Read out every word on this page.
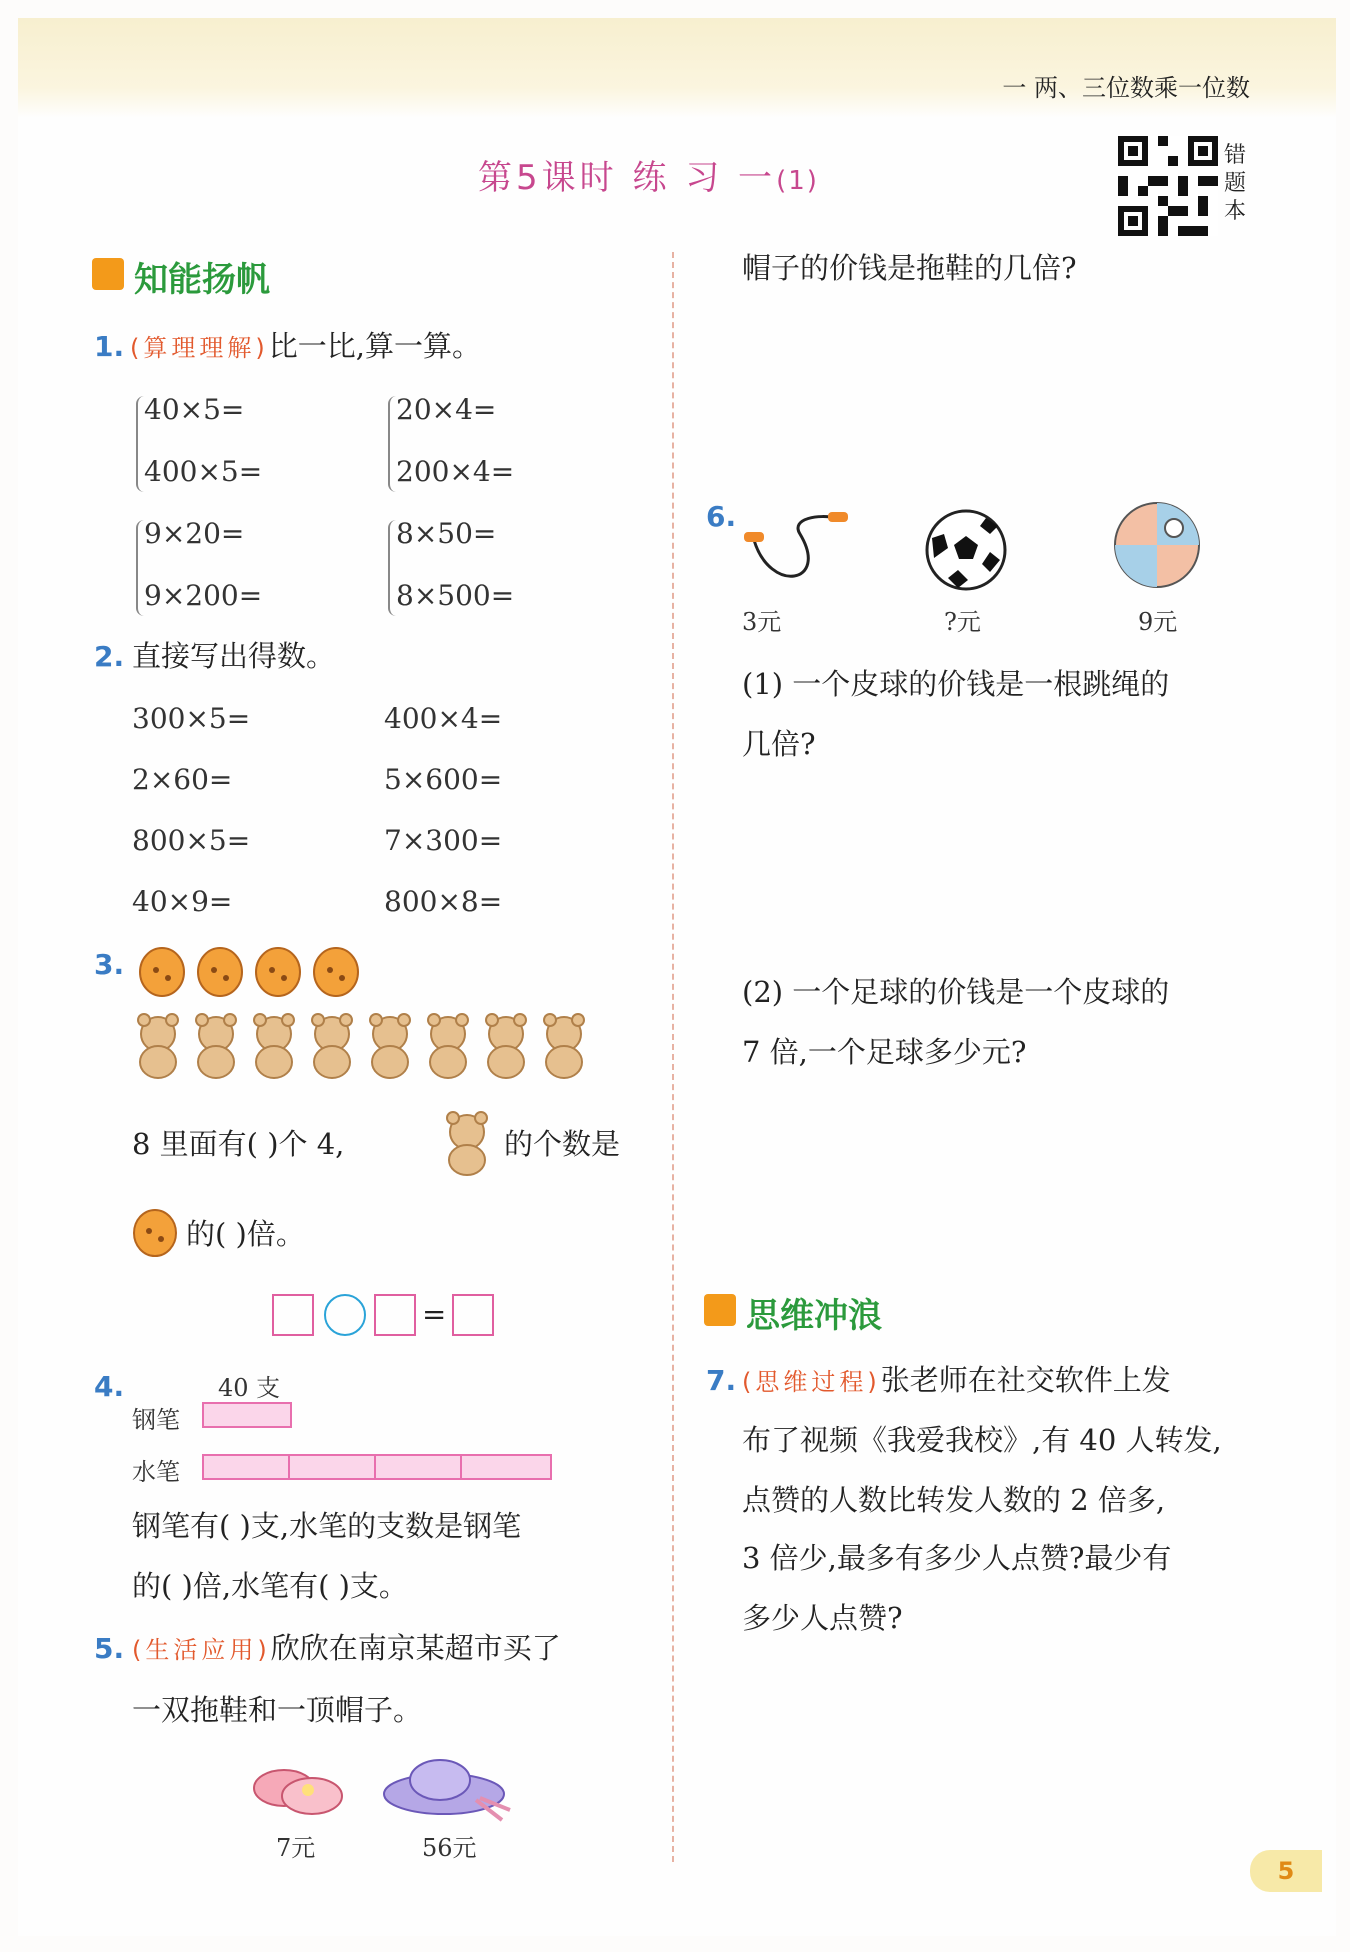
一 两、三位数乘一位数
第5课时 练 习 一(1)
错题本
知能扬帆
1. (算理理解)比一比,算一算。
40×5=
400×5=
20×4=
200×4=
9×20=
9×200=
8×50=
8×500=
2. 直接写出得数。
300×5=	400×4=
2×60=	5×600=
800×5=	7×300=
40×9=	800×8=
3.
8 里面有( )个 4,	的个数是
的( )倍。
=
4.	40 支
钢笔
水笔
钢笔有( )支,水笔的支数是钢笔
的( )倍,水笔有( )支。
5. (生活应用)欣欣在南京某超市买了
一双拖鞋和一顶帽子。
7元	56元
帽子的价钱是拖鞋的几倍?
6.
3元	?元	9元
(1) 一个皮球的价钱是一根跳绳的
几倍?
(2) 一个足球的价钱是一个皮球的
7 倍,一个足球多少元?
思维冲浪
7. (思维过程)张老师在社交软件上发
布了视频《我爱我校》,有 40 人转发,
点赞的人数比转发人数的 2 倍多,
3 倍少,最多有多少人点赞?最少有
多少人点赞?
5
